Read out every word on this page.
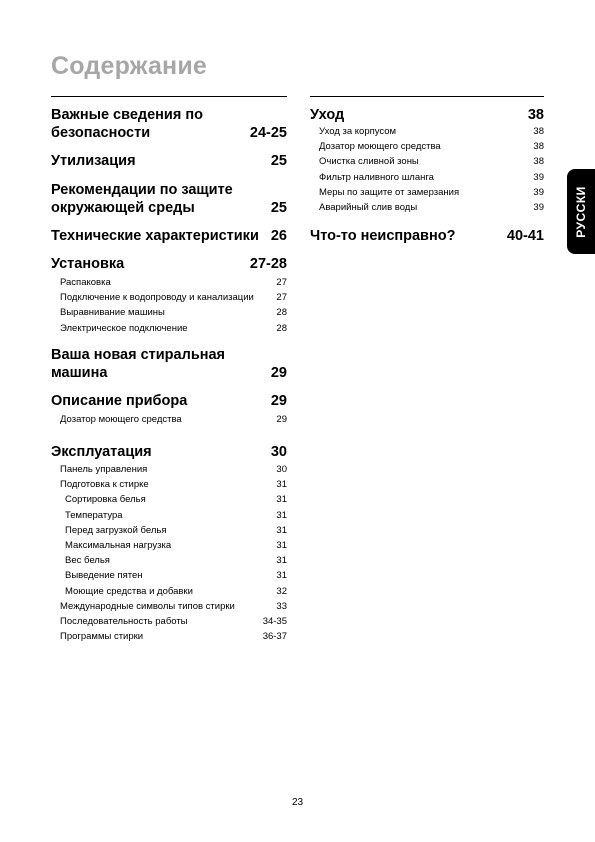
Содержание
Важные сведения по
безопасности	24-25
Утилизация	25
Рекомендации по защите
окружающей среды	25
Технические характеристики 26
Установка	27-28
Распаковка	27
Подключение к водопроводу и канализации 27
Выравнивание машины	28
Электрическое подключение	28
Ваша новая стиральная
машина	29
Описание прибора	29
Дозатор моющего средства	29
Эксплуатация	30
Панель управления	30
Подготовка к стирке	31
Сортировка белья	31
Температура	31
Перед загрузкой белья	31
Максимальная нагрузка	31
Вес белья	31
Выведение пятен	31
Моющие средства и добавки	32
Международные символы типов стирки	33
Последовательность работы	34-35
Программы стирки	36-37
Уход	38
Уход за корпусом	38
Дозатор моющего средства	38
Очистка сливной зоны	38
Фильтр наливного шланга	39
Меры по защите от замерзания	39
Аварийный слив воды	39
Что-то неисправно?	40-41	РУССКИ
23
